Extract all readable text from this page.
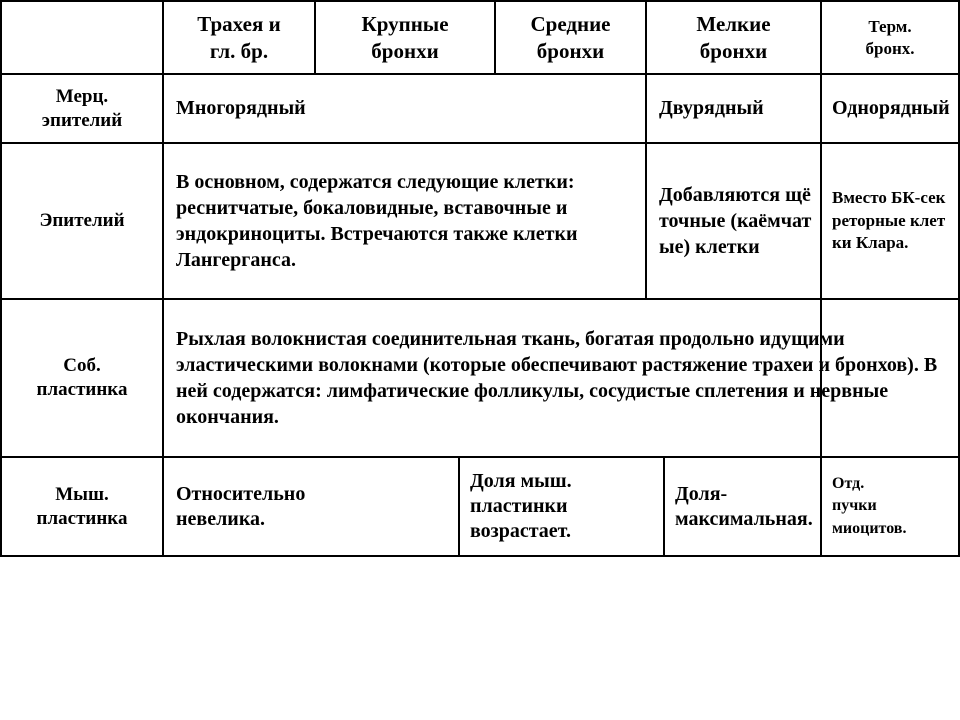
Трахея и
гл. бр.
Крупные
бронхи
Средние
бронхи
Мелкие
бронхи
Терм.
бронх.
Мерц.
эпителий
Многорядный	Двурядный	Однорядный
Эпителий
В основном, содержатся следующие клетки: реснитчатые, бокаловидные, вставочные и эндокриноциты. Встречаются также клетки Лангерганса.
Добавляются щёточные (каёмчатые) клетки
Вместо БК-секреторные клетки Клара.
Соб.
пластинка
Рыхлая волокнистая соединительная ткань, богатая продольно идущими эластическими волокнами (которые обеспечивают растяжение трахеи и бронхов). В ней содержатся: лимфатические фолликулы, сосудистые сплетения и нервные окончания.
Мыш.
пластинка
Относительно
невелика.
Доля мыш.
пластинки
возрастает.
Доля-
максимальная.
Отд.
пучки
миоцитов.
